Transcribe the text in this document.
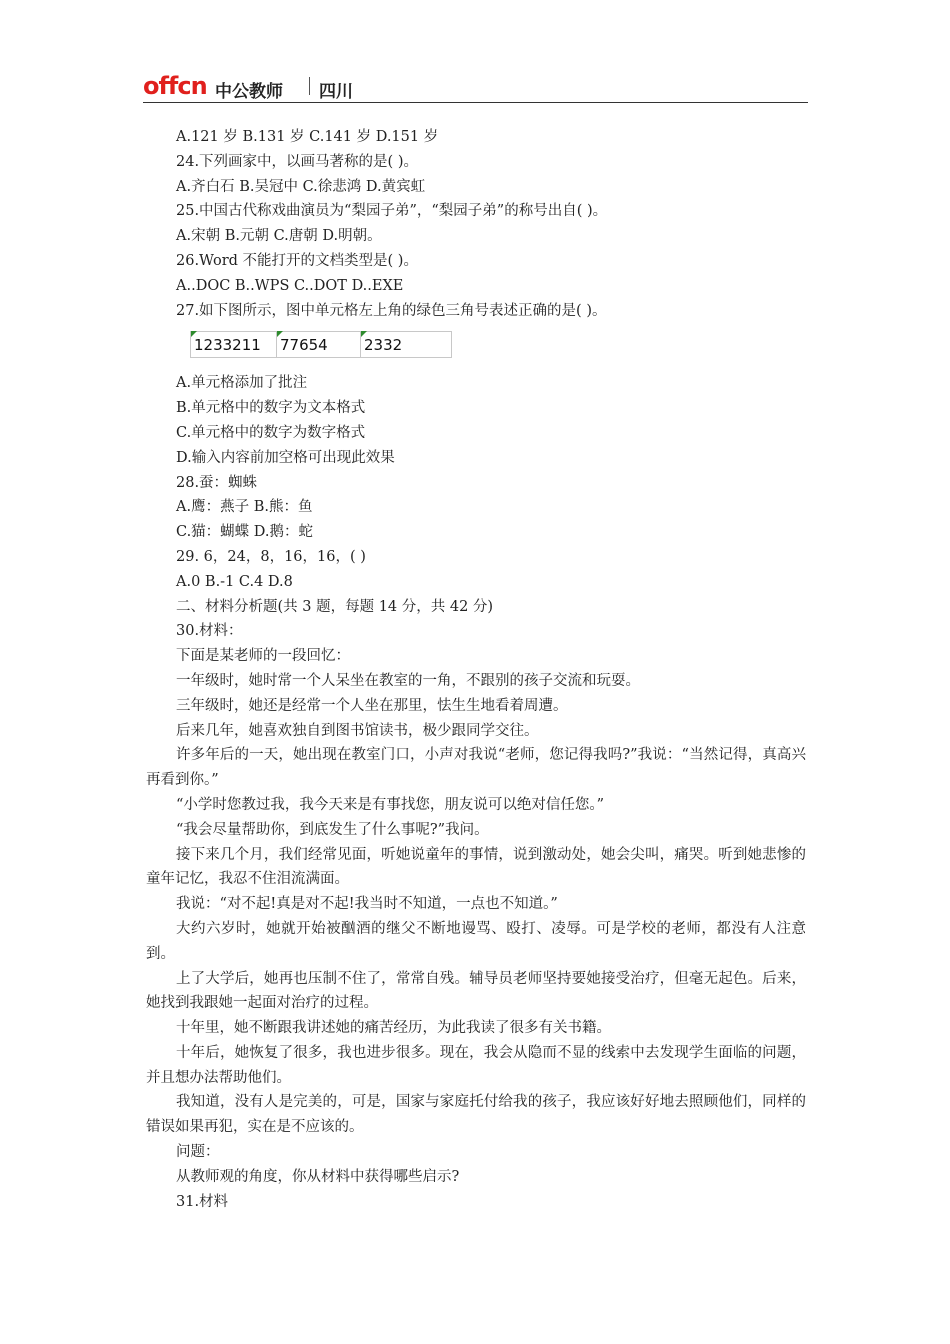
offcn 中公教师 四川
A.121 岁 B.131 岁 C.141 岁 D.151 岁
24.下列画家中，以画马著称的是( )。
A.齐白石 B.吴冠中 C.徐悲鸿 D.黄宾虹
25.中国古代称戏曲演员为“梨园子弟”，“梨园子弟”的称号出自( )。
A.宋朝 B.元朝 C.唐朝 D.明朝。
26.Word 不能打开的文档类型是( )。
A..DOC B..WPS C..DOT D..EXE
27.如下图所示，图中单元格左上角的绿色三角号表述正确的是( )。
1233211	77654	2332
A.单元格添加了批注
B.单元格中的数字为文本格式
C.单元格中的数字为数字格式
D.输入内容前加空格可出现此效果
28.蚕：蜘蛛
A.鹰：燕子 B.熊：鱼
C.猫：蝴蝶 D.鹅：蛇
29. 6，24，8，16，16，( )
A.0 B.-1 C.4 D.8
二、材料分析题(共 3 题，每题 14 分，共 42 分)
30.材料：
下面是某老师的一段回忆：
一年级时，她时常一个人呆坐在教室的一角，不跟别的孩子交流和玩耍。
三年级时，她还是经常一个人坐在那里，怯生生地看着周遭。
后来几年，她喜欢独自到图书馆读书，极少跟同学交往。
许多年后的一天，她出现在教室门口，小声对我说“老师，您记得我吗?”我说：“当然记得，真高兴再看到你。”
“小学时您教过我，我今天来是有事找您，朋友说可以绝对信任您。”
“我会尽量帮助你，到底发生了什么事呢?”我问。
接下来几个月，我们经常见面，听她说童年的事情，说到激动处，她会尖叫，痛哭。听到她悲惨的童年记忆，我忍不住泪流满面。
我说：“对不起!真是对不起!我当时不知道，一点也不知道。”
大约六岁时，她就开始被酗酒的继父不断地谩骂、殴打、凌辱。可是学校的老师，都没有人注意到。
上了大学后，她再也压制不住了，常常自残。辅导员老师坚持要她接受治疗，但毫无起色。后来，她找到我跟她一起面对治疗的过程。
十年里，她不断跟我讲述她的痛苦经历，为此我读了很多有关书籍。
十年后，她恢复了很多，我也进步很多。现在，我会从隐而不显的线索中去发现学生面临的问题，并且想办法帮助他们。
我知道，没有人是完美的，可是，国家与家庭托付给我的孩子，我应该好好地去照顾他们，同样的错误如果再犯，实在是不应该的。
问题：
从教师观的角度，你从材料中获得哪些启示?
31.材料
